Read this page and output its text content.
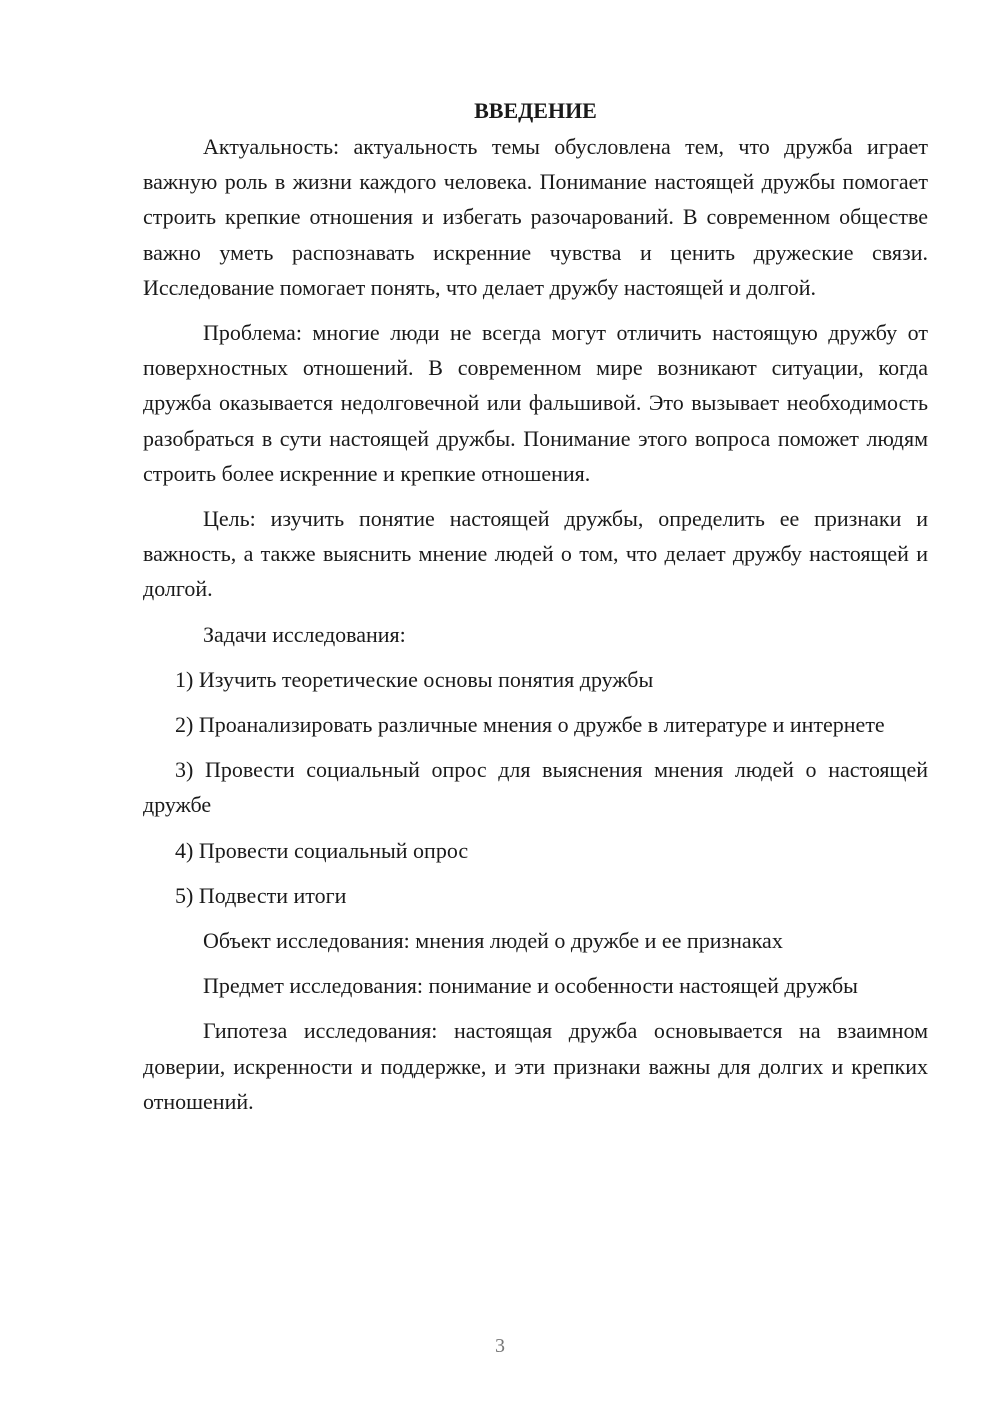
ВВЕДЕНИЕ

Актуальность: актуальность темы обусловлена тем, что дружба играет важную роль в жизни каждого человека. Понимание настоящей дружбы помогает строить крепкие отношения и избегать разочарований. В современном обществе важно уметь распознавать искренние чувства и ценить дружеские связи. Исследование помогает понять, что делает дружбу настоящей и долгой.

Проблема: многие люди не всегда могут отличить настоящую дружбу от поверхностных отношений. В современном мире возникают ситуации, когда дружба оказывается недолговечной или фальшивой. Это вызывает необходимость разобраться в сути настоящей дружбы. Понимание этого вопроса поможет людям строить более искренние и крепкие отношения.

Цель: изучить понятие настоящей дружбы, определить ее признаки и важность, а также выяснить мнение людей о том, что делает дружбу настоящей и долгой.

Задачи исследования:

1) Изучить теоретические основы понятия дружбы

2) Проанализировать различные мнения о дружбе в литературе и интернете

3) Провести социальный опрос для выяснения мнения людей о настоящей дружбе

4) Провести социальный опрос

5) Подвести итоги

Объект исследования: мнения людей о дружбе и ее признаках

Предмет исследования: понимание и особенности настоящей дружбы

Гипотеза исследования: настоящая дружба основывается на взаимном доверии, искренности и поддержке, и эти признаки важны для долгих и крепких отношений.

3
